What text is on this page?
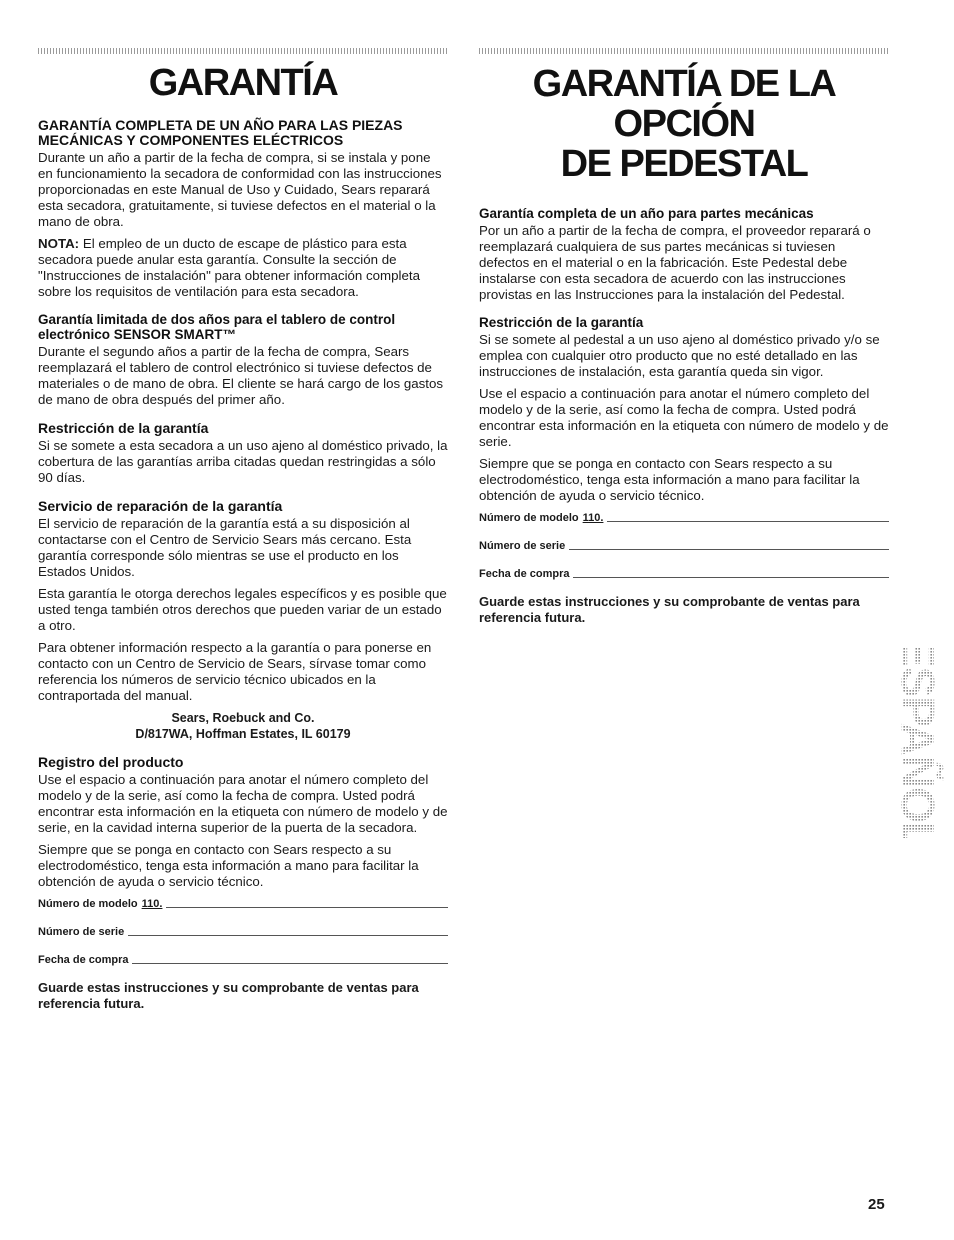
GARANTÍA
GARANTÍA COMPLETA DE UN AÑO PARA LAS PIEZAS MECÁNICAS Y COMPONENTES ELÉCTRICOS

Durante un año a partir de la fecha de compra, si se instala y pone en funcionamiento la secadora de conformidad con las instrucciones proporcionadas en este Manual de Uso y Cuidado, Sears reparará esta secadora, gratuitamente, si tuviese defectos en el material o la mano de obra.

NOTA: El empleo de un ducto de escape de plástico para esta secadora puede anular esta garantía. Consulte la sección de "Instrucciones de instalación" para obtener información completa sobre los requisitos de ventilación para esta secadora.

Garantía limitada de dos años para el tablero de control electrónico SENSOR SMART™

Durante el segundo años a partir de la fecha de compra, Sears reemplazará el tablero de control electrónico si tuviese defectos de materiales o de mano de obra. El cliente se hará cargo de los gastos de mano de obra después del primer año.

Restricción de la garantía

Si se somete a esta secadora a un uso ajeno al doméstico privado, la cobertura de las garantías arriba citadas quedan restringidas a sólo 90 días.

Servicio de reparación de la garantía

El servicio de reparación de la garantía está a su disposición al contactarse con el Centro de Servicio Sears más cercano. Esta garantía corresponde sólo mientras se use el producto en los Estados Unidos.

Esta garantía le otorga derechos legales específicos y es posible que usted tenga también otros derechos que pueden variar de un estado a otro.

Para obtener información respecto a la garantía o para ponerse en contacto con un Centro de Servicio de Sears, sírvase tomar como referencia los números de servicio técnico ubicados en la contraportada del manual.

Sears, Roebuck and Co.
D/817WA, Hoffman Estates, IL 60179
Registro del producto

Use el espacio a continuación para anotar el número completo del modelo y de la serie, así como la fecha de compra. Usted podrá encontrar esta información en la etiqueta con número de modelo y de serie, en la cavidad interna superior de la puerta de la secadora.

Siempre que se ponga en contacto con Sears respecto a su electrodoméstico, tenga esta información a mano para facilitar la obtención de ayuda o servicio técnico.

Número de modelo 110.
Número de serie
Fecha de compra
Guarde estas instrucciones y su comprobante de ventas para referencia futura.
GARANTÍA DE LA OPCIÓN
DE PEDESTAL
Garantía completa de un año para partes mecánicas

Por un año a partir de la fecha de compra, el proveedor reparará o reemplazará cualquiera de sus partes mecánicas si tuviesen defectos en el material o en la fabricación. Este Pedestal debe instalarse con esta secadora de acuerdo con las instrucciones provistas en las Instrucciones para la instalación del Pedestal.

Restricción de la garantía

Si se somete al pedestal a un uso ajeno al doméstico privado y/o se emplea con cualquier otro producto que no esté detallado en las instrucciones de instalación, esta garantía queda sin vigor.

Use el espacio a continuación para anotar el número completo del modelo y de la serie, así como la fecha de compra. Usted podrá encontrar esta información en la etiqueta con número de modelo y de serie.

Siempre que se ponga en contacto con Sears respecto a su electrodoméstico, tenga esta información a mano para facilitar la obtención de ayuda o servicio técnico.

Número de modelo 110.
Número de serie
Fecha de compra
Guarde estas instrucciones y su comprobante de ventas para referencia futura.
ESPAÑOL
25
